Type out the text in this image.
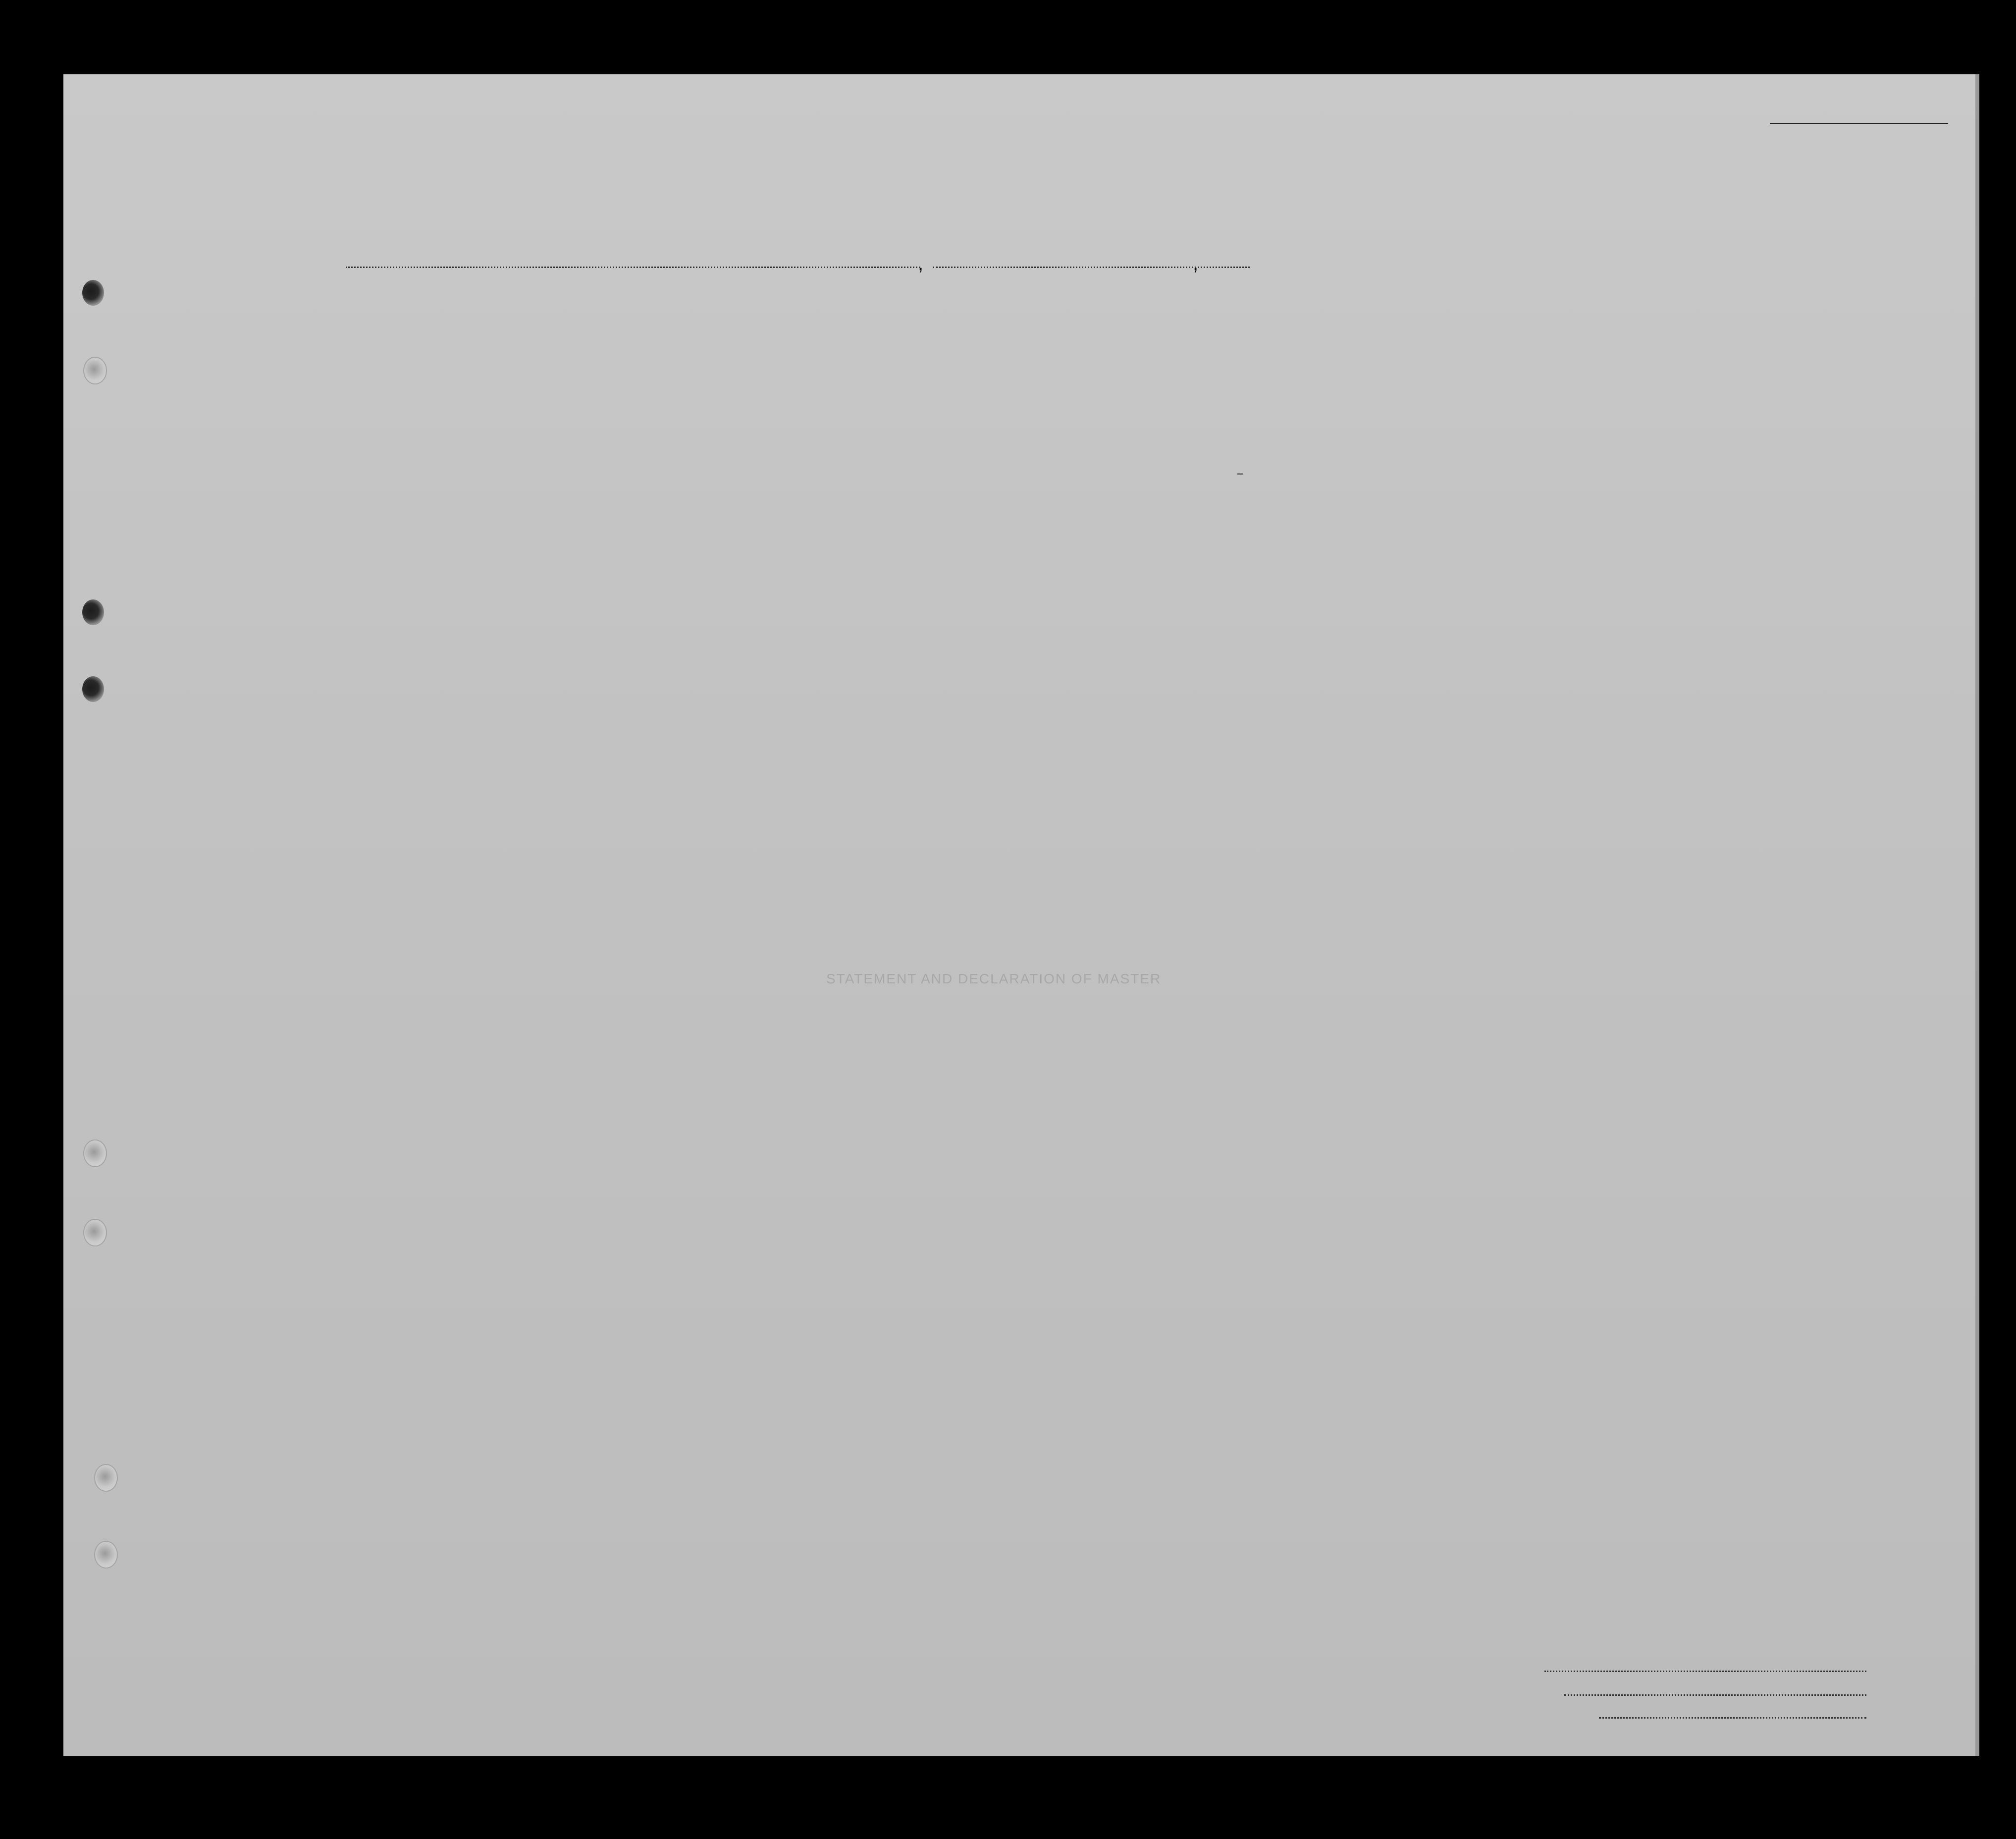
,	,
STATEMENT AND DECLARATION OF MASTER
